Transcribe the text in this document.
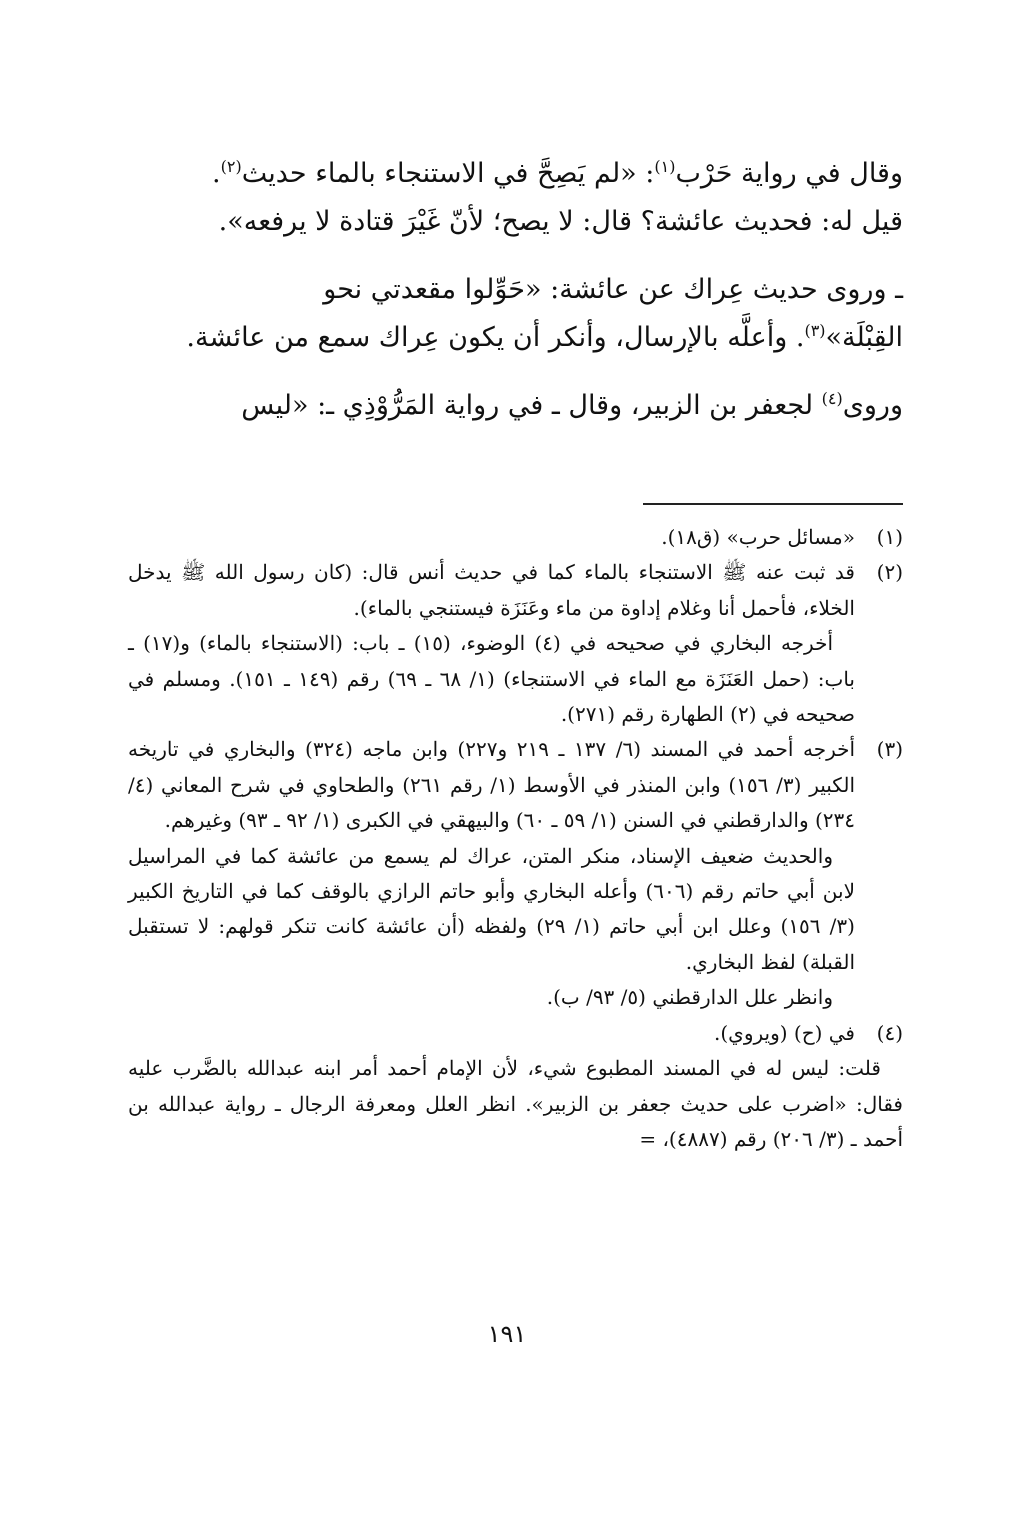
وقال في رواية حَرْب$^{(١)}$: «لم يَصِحَّ في الاستنجاء بالماء حديث$^{(٢)}$.

قيل له: فحديث عائشة؟ قال: لا يصح؛ لأنّ غَيْرَ قتادة لا يرفعه».

ـ وروى حديث عِراك عن عائشة: «حَوِّلوا مقعدتي نحو

القِبْلَة»$^{(٣)}$. وأعلَّه بالإرسال، وأنكر أن يكون عِراك سمع من عائشة.

وروى$^{(٤)}$ لجعفر بن الزبير، وقال ـ في رواية المَرُّوْذِي ـ: «ليس

(١)

«مسائل حرب» (ق١٨).

(٢)

قد ثبت عنه ﷺ الاستنجاء بالماء كما في حديث أنس قال: (كان رسول الله ﷺ يدخل الخلاء، فأحمل أنا وغلام إداوة من ماء وعَنَزَة فيستنجي بالماء).

أخرجه البخاري في صحيحه في (٤) الوضوء، (١٥) ـ باب: (الاستنجاء بالماء) و(١٧) ـ باب: (حمل العَنَزَة مع الماء في الاستنجاء) (١/ ٦٨ ـ ٦٩) رقم (١٤٩ ـ ١٥١). ومسلم في صحيحه في (٢) الطهارة رقم (٢٧١).

(٣)

أخرجه أحمد في المسند (٦/ ١٣٧ ـ ٢١٩ و٢٢٧) وابن ماجه (٣٢٤) والبخاري في تاريخه الكبير (٣/ ١٥٦) وابن المنذر في الأوسط (١/ رقم ٢٦١) والطحاوي في شرح المعاني (٤/ ٢٣٤) والدارقطني في السنن (١/ ٥٩ ـ ٦٠) والبيهقي في الكبرى (١/ ٩٢ ـ ٩٣) وغيرهم.

والحديث ضعيف الإسناد، منكر المتن، عراك لم يسمع من عائشة كما في المراسيل لابن أبي حاتم رقم (٦٠٦) وأعله البخاري وأبو حاتم الرازي بالوقف كما في التاريخ الكبير (٣/ ١٥٦) وعلل ابن أبي حاتم (١/ ٢٩) ولفظه (أن عائشة كانت تنكر قولهم: لا تستقبل القبلة) لفظ البخاري.

وانظر علل الدارقطني (٥/ ٩٣/ ب).

(٤)

في (ح) (ويروي).

قلت: ليس له في المسند المطبوع شيء، لأن الإمام أحمد أمر ابنه عبدالله بالضَّرب عليه فقال: «اضرب على حديث جعفر بن الزبير». انظر العلل ومعرفة الرجال ـ رواية عبدالله بن أحمد ـ (٣/ ٢٠٦) رقم (٤٨٨٧)، =

١٩١
